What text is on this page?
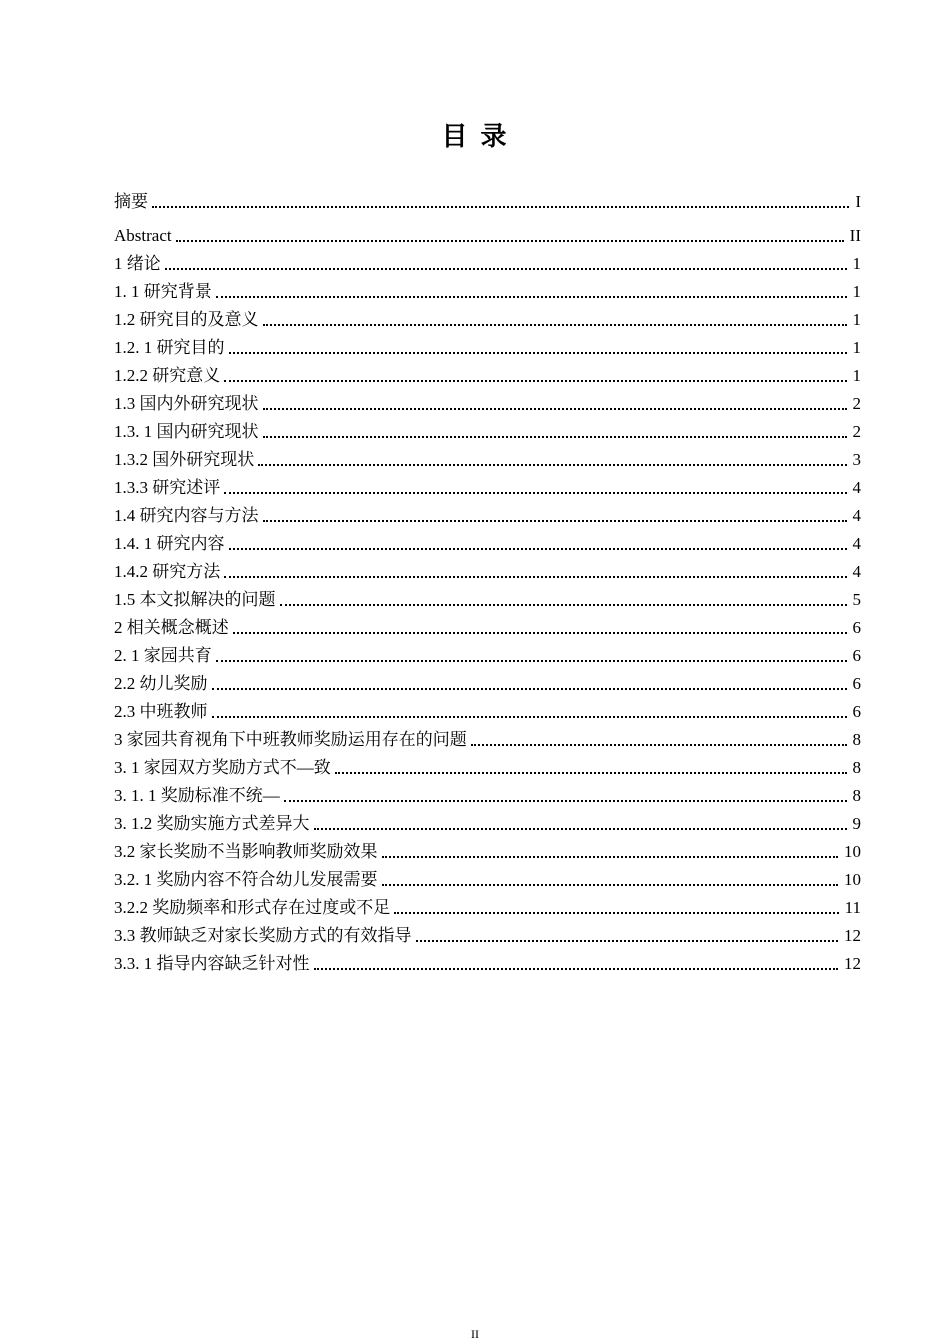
目 录
摘要	I
Abstract	II
1 绪论	1
1. 1 研究背景	1
1.2 研究目的及意义	1
1.2. 1 研究目的	1
1.2.2 研究意义	1
1.3 国内外研究现状	2
1.3. 1 国内研究现状	2
1.3.2 国外研究现状	3
1.3.3 研究述评	4
1.4 研究内容与方法	4
1.4. 1 研究内容	4
1.4.2 研究方法	4
1.5 本文拟解决的问题	5
2 相关概念概述	6
2. 1 家园共育	6
2.2 幼儿奖励	6
2.3 中班教师	6
3 家园共育视角下中班教师奖励运用存在的问题	8
3. 1 家园双方奖励方式不—致	8
3. 1. 1 奖励标准不统—	8
3. 1.2 奖励实施方式差异大	9
3.2 家长奖励不当影响教师奖励效果	10
3.2. 1 奖励内容不符合幼儿发展需要	10
3.2.2 奖励频率和形式存在过度或不足	11
3.3 教师缺乏对家长奖励方式的有效指导	12
3.3. 1 指导内容缺乏针对性	12
II
